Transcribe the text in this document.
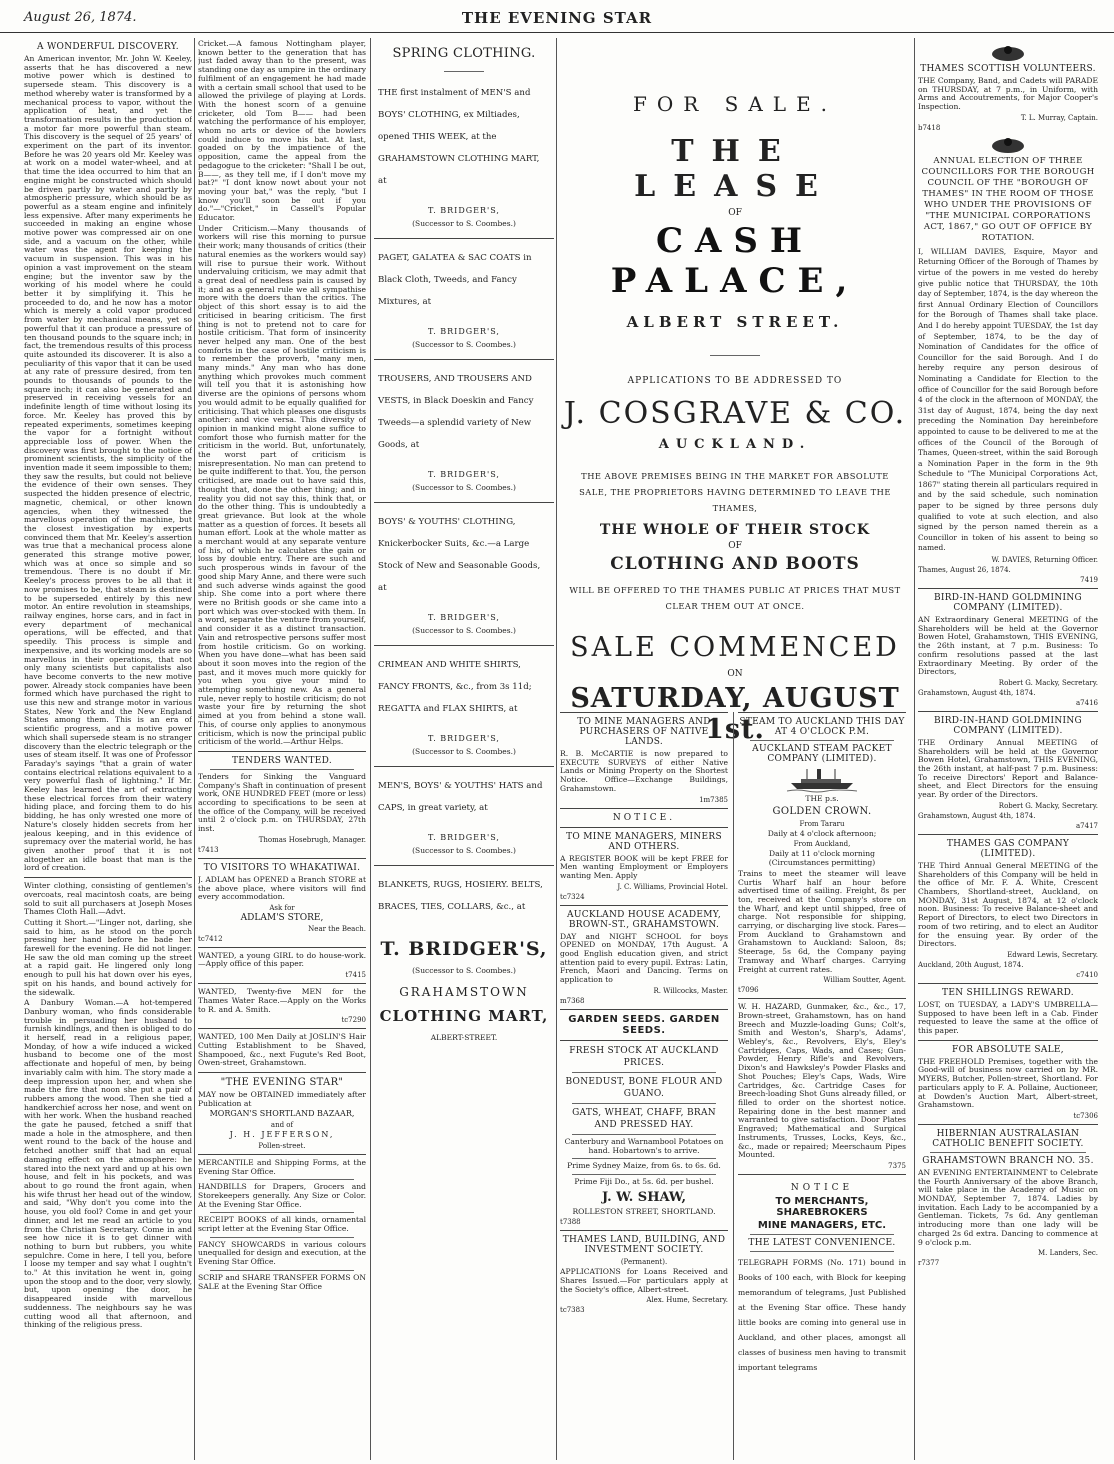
August 26, 1874.	THE EVENING STAR
A WONDERFUL DISCOVERY.

An American inventor, Mr. John W. Keeley, asserts that he has discovered a new motive power which is destined to supersede steam. This discovery is a method whereby water is transformed by a mechanical process to vapor, without the application of heat, and yet the transformation results in the production of a motor far more powerful than steam. This discovery is the sequel of 25 years' of experiment on the part of its inventor. Before he was 20 years old Mr. Keeley was at work on a model water-wheel, and at that time the idea occurred to him that an engine might be constructed which should be driven partly by water and partly by atmospheric pressure, which should be as powerful as a steam engine and infinitely less expensive. After many experiments he succeeded in making an engine whose motive power was compressed air on one side, and a vacuum on the other, while water was the agent for keeping the vacuum in suspension. This was in his opinion a vast improvement on the steam engine; but the inventor saw by the working of his model where he could better it by simplifying it. This he proceeded to do, and he now has a motor which is merely a cold vapor produced from water by mechanical means, yet so powerful that it can produce a pressure of ten thousand pounds to the square inch; in fact, the tremendous results of this process quite astounded its discoverer. It is also a peculiarity of this vapor that it can be used at any rate of pressure desired, from ten pounds to thousands of pounds to the square inch; it can also be generated and preserved in receiving vessels for an indefinite length of time without losing its force. Mr. Keeley has proved this by repeated experiments, sometimes keeping the vapor for a fortnight without appreciable loss of power. When the discovery was first brought to the notice of prominent scientists, the simplicity of the invention made it seem impossible to them; they saw the results, but could not believe the evidence of their own senses. They suspected the hidden presence of electric, magnetic, chemical, or other known agencies, when they witnessed the marvellous operation of the machine, but the closest investigation by experts convinced them that Mr. Keeley's assertion was true that a mechanical process alone generated this strange motive power, which was at once so simple and so tremendous. There is no doubt if Mr. Keeley's process proves to be all that it now promises to be, that steam is destined to be superseded entirely by this new motor. An entire revolution in steamships, railway engines, horse cars, and in fact in every department of mechanical operations, will be effected, and that speedily. This process is simple and inexpensive, and its working models are so marvellous in their operations, that not only many scientists but capitalists also have become converts to the new motive power. Already stock companies have been formed which have purchased the right to use this new and strange motor in various States, New York and the New England States among them. This is an era of scientific progress, and a motive power which shall supersede steam is no stranger discovery than the electric telegraph or the uses of steam itself. It was one of Professor Faraday's sayings "that a grain of water contains electrical relations equivalent to a very powerful flash of lightning." If Mr. Keeley has learned the art of extracting these electrical forces from their watery hiding place, and forcing them to do his bidding, he has only wrested one more of Nature's closely hidden secrets from her jealous keeping, and in this evidence of supremacy over the material world, he has given another proof that it is not altogether an idle boast that man is the lord of creation.

Winter clothing, consisting of gentlemen's overcoats, real macintosh coats, are being sold to suit all purchasers at Joseph Moses Thames Cloth Hall.—Advt.

Cutting it Short.—"Linger not, darling, she said to him, as he stood on the porch pressing her hand before he bade her farewell for the evening. He did not linger. He saw the old man coming up the street at a rapid gait. He lingered only long enough to pull his hat down over his eyes, spit on his hands, and bound actively for the sidewalk.

A Danbury Woman.—A hot-tempered Danbury woman, who finds considerable trouble in persuading her husband to furnish kindlings, and then is obliged to do it herself, read in a religious paper, Monday, of how a wife induced a wicked husband to become one of the most affectionate and hopeful of men, by being invariably calm with him. The story made a deep impression upon her, and when she made the fire that noon she put a pair of rubbers among the wood. Then she tied a handkerchief across her nose, and went on with her work. When the husband reached the gate he paused, fetched a sniff that made a hole in the atmosphere, and then went round to the back of the house and fetched another sniff that had an equal damaging effect on the atmosphere: he stared into the next yard and up at his own house, and felt in his pockets, and was about to go round the front again, when his wife thrust her head out of the window, and said, "Why don't you come into the house, you old fool? Come in and get your dinner, and let me read an article to you from the Christian Secretary. Come in and see how nice it is to get dinner with nothing to burn but rubbers, you white sepulchre. Come in here, I tell you, before I loose my temper and say what I oughtn't to." At this invitation he went in, going upon the stoop and to the door, very slowly, but, upon opening the door, he disappeared inside with marvellous suddenness. The neighbours say he was cutting wood all that afternoon, and thinking of the religious press.

Cricket.—A famous Nottingham player, known better to the generation that has just faded away than to the present, was standing one day as umpire in the ordinary fulfilment of an engagement he had made with a certain small school that used to be allowed the privilege of playing at Lords. With the honest scorn of a genuine cricketer, old Tom B—— had been watching the performance of his employer, whom no arts or device of the bowlers could induce to move his bat. At last, goaded on by the impatience of the opposition, came the appeal from the pedagogue to the cricketer: "Shall I be out, B——, as they tell me, if I don't move my bat?" "I dont know nowt about your not moving your bat," was the reply, "but I know you'll soon be out if you do."—"Cricket," in Cassell's Popular Educator.

Under Criticism.—Many thousands of workers will rise this morning to pursue their work; many thousands of critics (their natural enemies as the workers would say) will rise to pursue their work. Without undervaluing criticism, we may admit that a great deal of needless pain is caused by it; and as a general rule we all sympathise more with the doers than the critics. The object of this short essay is to aid the criticised in bearing criticism. The first thing is not to pretend not to care for hostile criticism. That form of insincerity never helped any man. One of the best comforts in the case of hostile criticism is to remember the proverb, "many men, many minds." Any man who has done anything which provokes much comment will tell you that it is astonishing how diverse are the opinions of persons whom you would admit to be equally qualified for criticising. That which pleases one disgusts another: and vice versa. This diversity of opinion in mankind might alone suffice to comfort those who furnish matter for the criticism in the world. But, unfortunately, the worst part of criticism is misrepresentation. No man can pretend to be quite indifferent to that. You, the person criticised, are made out to have said this, thought that, done the other thing; and in reality you did not say this, think that, or do the other thing. This is undoubtedly a great grievance. But look at the whole matter as a question of forces. It besets all human effort. Look at the whole matter as a merchant would at any separate venture of his, of which he calculates the gain or loss by double entry. There are such and such prosperous winds in favour of the good ship Mary Anne, and there were such and such adverse winds against the good ship. She come into a port where there were no British goods or she came into a port which was over-stocked with them. In a word, separate the venture from yourself, and consider it as a distinct transaction. Vain and retrospective persons suffer most from hostile criticism. Go on working. When you have done—what has been said about it soon moves into the region of the past, and it moves much more quickly for you when you give your mind to attempting something new. As a general rule, never reply to hostile criticism; do not waste your fire by returning the shot aimed at you from behind a stone wall. This, of course only applies to anonymous criticism, which is now the principal public criticism of the world.—Arthur Helps.

TENDERS WANTED.

Tenders for Sinking the Vanguard Company's Shaft in continuation of present work, ONE HUNDRED FEET (more or less) according to specifications to be seen at the office of the Company, will be received until 2 o'clock p.m. on THURSDAY, 27th inst.

Thomas Hosebrugh, Manager.

t7413

TO VISITORS TO WHAKATIWAI.

J. ADLAM has OPENED a Branch STORE at the above place, where visitors will find every accommodation.

Ask for

ADLAM'S STORE,

Near the Beach.

tc7412

WANTED, a young GIRL to do house-work.—Apply office of this paper.

t7415

WANTED, Twenty-five MEN for the Thames Water Race.—Apply on the Works to R. and A. Smith.

tc7290

WANTED, 100 Men Daily at JOSLIN'S Hair Cutting Establishment to be Shaved, Shampooed, &c., next Fugute's Red Boot, Owen-street, Grahamstown.

"THE EVENING STAR"

MAY now be OBTAINED immediately after Publication at

MORGAN'S SHORTLAND BAZAAR,

and of

J. H. JEFFERSON,

Pollen-street.

MERCANTILE and Shipping Forms, at the Evening Star Office.

HANDBILLS for Drapers, Grocers and Storekeepers generally. Any Size or Color. At the Evening Star Office.

RECEIPT BOOKS of all kinds, ornamental script letter at the Evening Star Office.

FANCY SHOWCARDS in various colours unequalled for design and execution, at the Evening Star Office.

SCRIP and SHARE TRANSFER FORMS ON SALE at the Evening Star Office

SPRING CLOTHING.

THE first instalment of MEN'S and BOYS' CLOTHING, ex Miltiades, opened THIS WEEK, at the GRAHAMSTOWN CLOTHING MART, at

T. BRIDGER'S,
(Successor to S. Coombes.)

PAGET, GALATEA & SAC COATS in Black Cloth, Tweeds, and Fancy Mixtures, at

T. BRIDGER'S,
(Successor to S. Coombes.)

TROUSERS, AND TROUSERS AND VESTS, in Black Doeskin and Fancy Tweeds—a splendid variety of New Goods, at

T. BRIDGER'S,
(Successor to S. Coombes.)

BOYS' & YOUTHS' CLOTHING, Knickerbocker Suits, &c.—a Large Stock of New and Seasonable Goods, at

T. BRIDGER'S,
(Successor to S. Coombes.)

CRIMEAN AND WHITE SHIRTS, FANCY FRONTS, &c., from 3s 11d; REGATTA and FLAX SHIRTS, at

T. BRIDGER'S,
(Successor to S. Coombes.)

MEN'S, BOYS' & YOUTHS' HATS and CAPS, in great variety, at

T. BRIDGER'S,
(Successor to S. Coombes.)

BLANKETS, RUGS, HOSIERY. BELTS, BRACES, TIES, COLLARS, &c., at

T. BRIDGER'S,
(Successor to S. Coombes.)
GRAHAMSTOWN
CLOTHING MART,
ALBERT-STREET.
FOR SALE.
THE LEASE
OF
CASH PALACE,
ALBERT STREET.
APPLICATIONS TO BE ADDRESSED TO
J. COSGRAVE & CO.
AUCKLAND.
THE ABOVE PREMISES BEING IN THE MARKET FOR ABSOLUTE SALE, THE PROPRIETORS HAVING DETERMINED TO LEAVE THE THAMES,
THE WHOLE OF THEIR STOCK
OF
CLOTHING AND BOOTS
WILL BE OFFERED TO THE THAMES PUBLIC AT PRICES THAT MUST CLEAR THEM OUT AT ONCE.
SALE COMMENCED
ON
SATURDAY, AUGUST 1st.
TO MINE MANAGERS AND PURCHASERS OF NATIVE LANDS.

R. B. McCARTIE is now prepared to EXECUTE SURVEYS of either Native Lands or Mining Property on the Shortest Notice. Office—Exchange Buildings, Grahamstown.

1m7385

NOTICE.
TO MINE MANAGERS, MINERS AND OTHERS.

A REGISTER BOOK will be kept FREE for Men wanting Employment or Employers wanting Men. Apply

J. C. Williams, Provincial Hotel.

tc7324

AUCKLAND HOUSE ACADEMY, BROWN-ST., GRAHAMSTOWN.

DAY and NIGHT SCHOOL for boys OPENED on MONDAY, 17th August. A good English education given, and strict attention paid to every pupil. Extras: Latin, French, Maori and Dancing. Terms on application to

R. Willcocks, Master.

m7368

GARDEN SEEDS. GARDEN SEEDS.
FRESH STOCK AT AUCKLAND PRICES.
BONEDUST, BONE FLOUR AND GUANO.
GATS, WHEAT, CHAFF, BRAN AND PRESSED HAY.

Canterbury and Warnambool Potatoes on hand. Hobartown's to arrive.

Prime Sydney Maize, from 6s. to 6s. 6d.

Prime Fiji Do., at 5s. 6d. per bushel.

J. W. SHAW,

ROLLESTON STREET, SHORTLAND.

t7388

THAMES LAND, BUILDING, AND INVESTMENT SOCIETY.

(Permanent).

APPLICATIONS for Loans Received and Shares Issued.—For particulars apply at the Society's office, Albert-street.

Alex. Hume, Secretary.

tc7383

STEAM TO AUCKLAND THIS DAY AT 4 O'CLOCK P.M.
AUCKLAND STEAM PACKET COMPANY (LIMITED).

THE p.s.

GOLDEN CROWN.

From Tararu

Daily at 4 o'clock afternoon;

From Auckland,

Daily at 11 o'clock morning (Circumstances permitting)

Trains to meet the steamer will leave Curtis Wharf half an hour before advertised time of sailing. Freight, 8s per ton, received at the Company's store on the Wharf, and kept until shipped, free of charge. Not responsible for shipping, carrying, or discharging live stock. Fares—From Auckland to Grahamstown and Grahamstown to Auckland: Saloon, 8s; Steerage, 5s 6d, the Company paying Tramway and Wharf charges. Carrying Freight at current rates.

William Soutter, Agent.

t7096

W. H. HAZARD, Gunmaker, &c., &c., 17, Brown-street, Grahamstown, has on hand Breech and Muzzle-loading Guns; Colt's, Smith and Weston's, Sharp's, Adams', Webley's, &c., Revolvers, Ely's, Eley's Cartridges, Caps, Wads, and Cases; Gun-Powder, Henry Rifle's and Revolvers, Dixon's and Hawksley's Powder Flasks and Shot Pouches; Eley's Caps, Wads, Wire Cartridges, &c. Cartridge Cases for Breech-loading Shot Guns already filled, or filled to order on the shortest notice. Repairing done in the best manner and warranted to give satisfaction. Door Plates Engraved; Mathematical and Surgical Instruments, Trusses, Locks, Keys, &c., &c., made or repaired; Meerschaum Pipes Mounted.

7375

NOTICE
TO MERCHANTS, SHAREBROKERS
MINE MANAGERS, ETC.
THE LATEST CONVENIENCE.

TELEGRAPH FORMS (No. 171) bound in Books of 100 each, with Block for keeping memorandum of telegrams, Just Published at the Evening Star office. These handy little books are coming into general use in Auckland, and other places, amongst all classes of business men having to transmit important telegrams

THAMES SCOTTISH VOLUNTEERS.

THE Company, Band, and Cadets will PARADE on THURSDAY, at 7 p.m., in Uniform, with Arms and Accoutrements, for Major Cooper's Inspection.

T. L. Murray, Captain.

b7418

ANNUAL ELECTION OF THREE COUNCILLORS FOR THE BOROUGH COUNCIL OF THE "BOROUGH OF THAMES" IN THE ROOM OF THOSE WHO UNDER THE PROVISIONS OF "THE MUNICIPAL CORPORATIONS ACT, 1867," GO OUT OF OFFICE BY ROTATION.

I, WILLIAM DAVIES, Esquire, Mayor and Returning Officer of the Borough of Thames by virtue of the powers in me vested do hereby give public notice that THURSDAY, the 10th day of September, 1874, is the day whereon the first Annual Ordinary Election of Councillors for the Borough of Thames shall take place. And I do hereby appoint TUESDAY, the 1st day of September, 1874, to be the day of Nomination of Candidates for the office of Councillor for the said Borough. And I do hereby require any person desirous of Nominating a Candidate for Election to the office of Councillor for the said Borough before 4 of the clock in the afternoon of MONDAY, the 31st day of August, 1874, being the day next preceding the Nomination Day hereinbefore appointed to cause to be delivered to me at the offices of the Council of the Borough of Thames, Queen-street, within the said Borough a Nomination Paper in the form in the 9th Schedule to "The Municipal Corporations Act, 1867" stating therein all particulars required in and by the said schedule, such nomination paper to be signed by three persons duly qualified to vote at such election, and also signed by the person named therein as a Councillor in token of his assent to being so named.

W. DAVIES, Returning Officer.

Thames, August 26, 1874.

7419

BIRD-IN-HAND GOLDMINING COMPANY (LIMITED).

AN Extraordinary General MEETING of the Shareholders will be held at the Governor Bowen Hotel, Grahamstown, THIS EVENING, the 26th instant, at 7 p.m. Business: To confirm resolutions passed at the last Extraordinary Meeting. By order of the Directors,

Robert G. Macky, Secretary.

Grahamstown, August 4th, 1874.

a7416

BIRD-IN-HAND GOLDMINING COMPANY (LIMITED).

THE Ordinary Annual MEETING of Shareholders will be held at the Governor Bowen Hotel, Grahamstown, THIS EVENING, the 26th instant, at half-past 7 p.m. Business: To receive Directors' Report and Balance-sheet, and Elect Directors for the ensuing year. By order of the Directors.

Robert G. Macky, Secretary.

Grahamstown, August 4th, 1874.

a7417

THAMES GAS COMPANY (LIMITED).

THE Third Annual General MEETING of the Shareholders of this Company will be held in the office of Mr. F. A. White, Crescent Chambers, Shortland-street, Auckland, on MONDAY, 31st August, 1874, at 12 o'clock noon. Business: To receive Balance-sheet and Report of Directors, to elect two Directors in room of two retiring, and to elect an Auditor for the ensuing year. By order of the Directors.

Edward Lewis, Secretary.

Auckland, 20th August, 1874.

c7410

TEN SHILLINGS REWARD.

LOST, on TUESDAY, a LADY'S UMBRELLA—Supposed to have been left in a Cab. Finder requested to leave the same at the office of this paper.

FOR ABSOLUTE SALE,

THE FREEHOLD Premises, together with the Good-will of business now carried on by MR. MYERS, Butcher, Pollen-street, Shortland. For particulars apply to F. A. Pollaine, Auctioneer, at Dowden's Auction Mart, Albert-street, Grahamstown.

tc7306

HIBERNIAN AUSTRALASIAN CATHOLIC BENEFIT SOCIETY.
GRAHAMSTOWN BRANCH NO. 35.

AN EVENING ENTERTAINMENT to Celebrate the Fourth Anniversary of the above Branch, will take place in the Academy of Music on MONDAY, September 7, 1874. Ladies by invitation. Each Lady to be accompanied by a Gentleman. Tickets, 7s 6d. Any gentleman introducing more than one lady will be charged 2s 6d extra. Dancing to commence at 9 o'clock p.m.

M. Landers, Sec.

r7377
